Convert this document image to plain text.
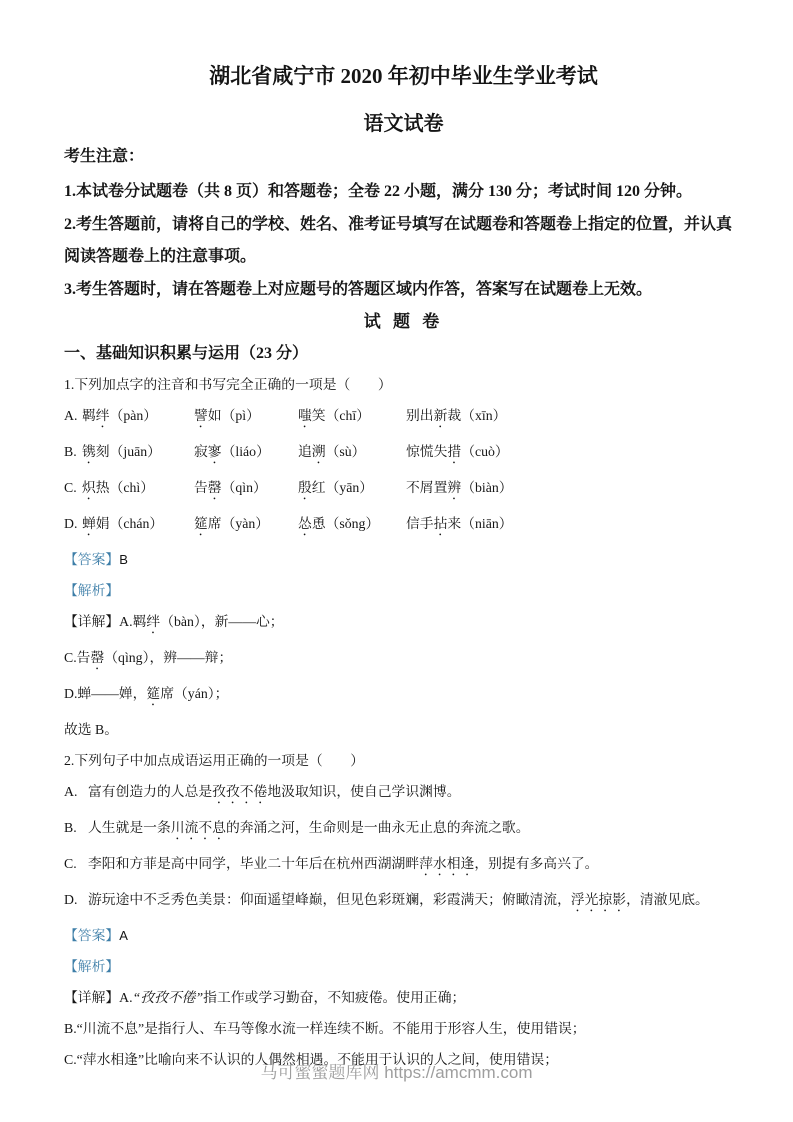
湖北省咸宁市 2020 年初中毕业生学业考试
语文试卷
考生注意：
1.本试卷分试题卷（共 8 页）和答题卷；全卷 22 小题，满分 130 分；考试时间 120 分钟。
2.考生答题前，请将自己的学校、姓名、准考证号填写在试题卷和答题卷上指定的位置，并认真阅读答题卷上的注意事项。
3.考生答题时，请在答题卷上对应题号的答题区域内作答，答案写在试题卷上无效。
试 题 卷
一、基础知识积累与运用（23 分）
1.下列加点字的注音和书写完全正确的一项是（　　）
A. 羁绊（pàn）	譬如（pì）	嗤笑（chī）	别出新裁（xīn）
B. 镌刻（juān）	寂寥（liáo）	追溯（sù）	惊慌失措（cuò）
C. 炽热（chì）	告罄（qìn）	殷红（yān）	不屑置辨（biàn）
D. 蝉娟（chán）	筵席（yàn）	怂恿（sǒng）	信手拈来（niān）
【答案】B
【解析】
【详解】A.羁绊（bàn），新——心；
C.告罄（qìng），辨——辩；
D.蝉——婵，筵席（yán）；
故选 B。
2.下列句子中加点成语运用正确的一项是（　　）
A. 富有创造力的人总是孜孜不倦地汲取知识，使自己学识渊博。
B. 人生就是一条川流不息的奔涌之河，生命则是一曲永无止息的奔流之歌。
C. 李阳和方菲是高中同学，毕业二十年后在杭州西湖湖畔萍水相逢，别提有多高兴了。
D. 游玩途中不乏秀色美景：仰面遥望峰巅，但见色彩斑斓，彩霞满天；俯瞰清流，浮光掠影，清澈见底。
【答案】A
【解析】
【详解】A.“孜孜不倦”指工作或学习勤奋，不知疲倦。使用正确；
B.“川流不息”是指行人、车马等像水流一样连续不断。不能用于形容人生，使用错误；
C.“萍水相逢”比喻向来不认识的人偶然相遇。不能用于认识的人之间，使用错误；
马可蜜蜜题库网 https://amcmm.com
